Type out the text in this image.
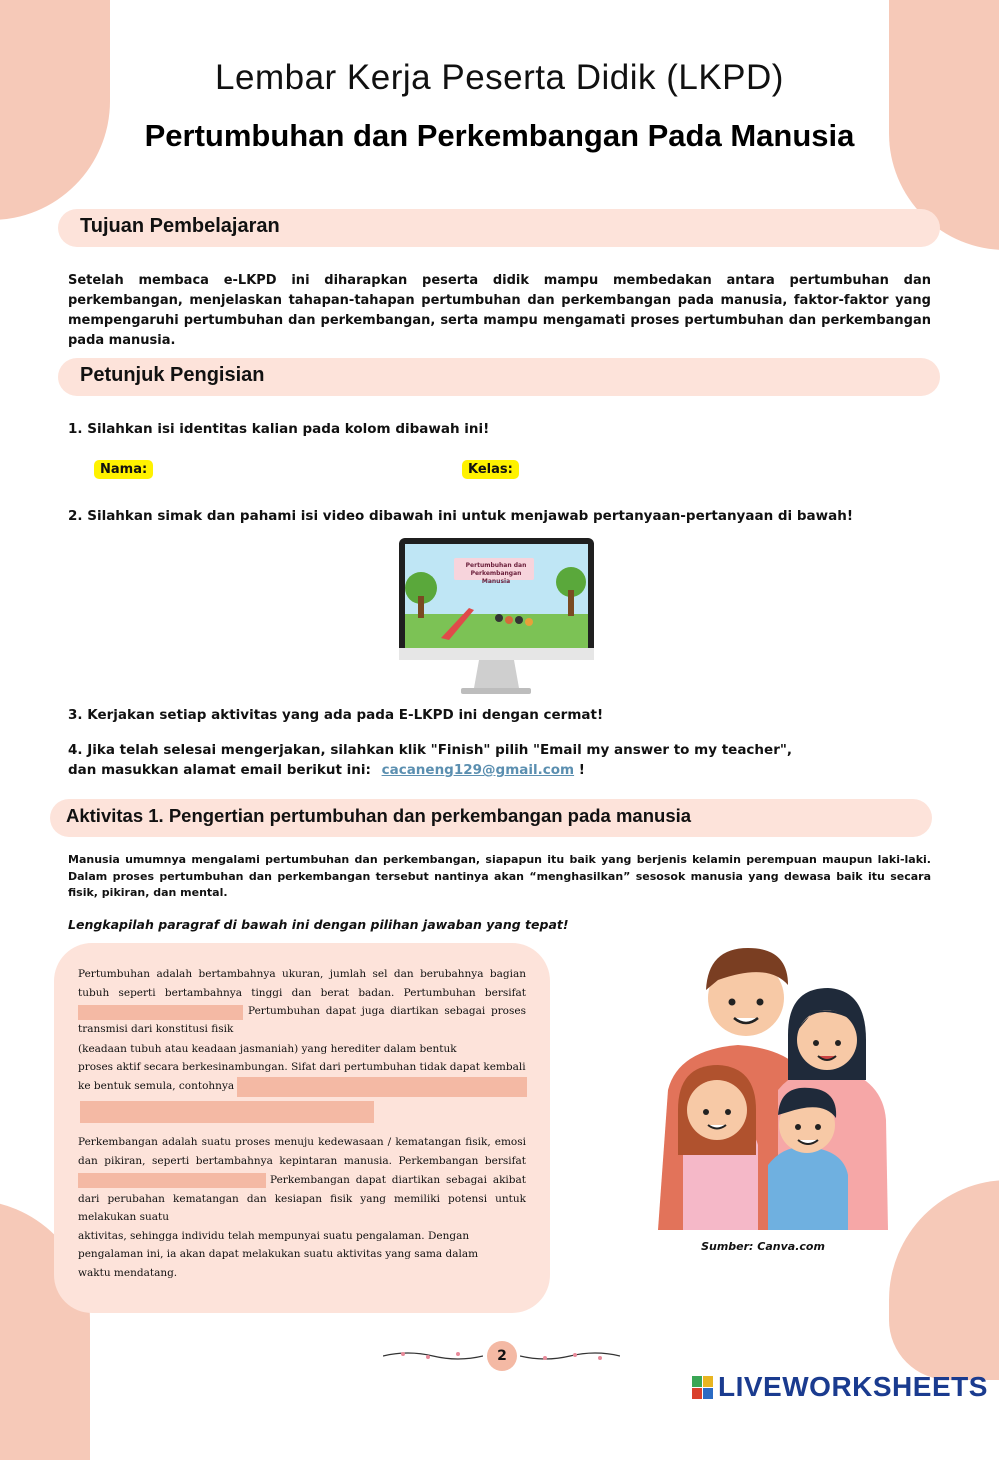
Lembar Kerja Peserta Didik (LKPD)
Pertumbuhan dan Perkembangan Pada Manusia
Tujuan Pembelajaran
Setelah membaca e-LKPD ini diharapkan peserta didik mampu membedakan antara pertumbuhan dan perkembangan, menjelaskan tahapan-tahapan pertumbuhan dan perkembangan pada manusia, faktor-faktor yang mempengaruhi pertumbuhan dan perkembangan, serta mampu mengamati proses pertumbuhan dan perkembangan pada manusia.
Petunjuk Pengisian
1. Silahkan isi identitas kalian pada kolom dibawah ini!
Nama:	Kelas:
2. Silahkan simak dan pahami isi video dibawah ini untuk menjawab pertanyaan-pertanyaan di bawah!
Pertumbuhan dan Perkembangan Manusia
3. Kerjakan setiap aktivitas yang ada pada E-LKPD ini dengan cermat!
4. Jika telah selesai mengerjakan, silahkan klik "Finish" pilih "Email my answer to my teacher",
dan masukkan alamat email berikut ini: cacaneng129@gmail.com !
Aktivitas 1. Pengertian pertumbuhan dan perkembangan pada manusia
Manusia umumnya mengalami pertumbuhan dan perkembangan, siapapun itu baik yang berjenis kelamin perempuan maupun laki-laki. Dalam proses pertumbuhan dan perkembangan tersebut nantinya akan “menghasilkan” sesosok manusia yang dewasa baik itu secara fisik, pikiran, dan mental.
Lengkapilah paragraf di bawah ini dengan pilihan jawaban yang tepat!
Pertumbuhan adalah bertambahnya ukuran, jumlah sel dan berubahnya bagian
tubuh seperti bertambahnya tinggi dan berat badan. Pertumbuhan bersifat
Pertumbuhan dapat juga diartikan sebagai proses
transmisi dari konstitusi fisik
(keadaan tubuh atau keadaan jasmaniah) yang herediter dalam bentuk
proses aktif secara berkesinambungan. Sifat dari pertumbuhan tidak dapat kembali
ke bentuk semula, contohnya
Perkembangan adalah suatu proses menuju kedewasaan / kematangan fisik, emosi
dan pikiran, seperti bertambahnya kepintaran manusia. Perkembangan bersifat
Perkembangan dapat diartikan sebagai akibat
dari perubahan kematangan dan kesiapan fisik yang memiliki potensi untuk
melakukan suatu
aktivitas, sehingga individu telah mempunyai suatu pengalaman. Dengan
pengalaman ini, ia akan dapat melakukan suatu aktivitas yang sama dalam
waktu mendatang.
Sumber: Canva.com
2
LIVEWORKSHEETS
